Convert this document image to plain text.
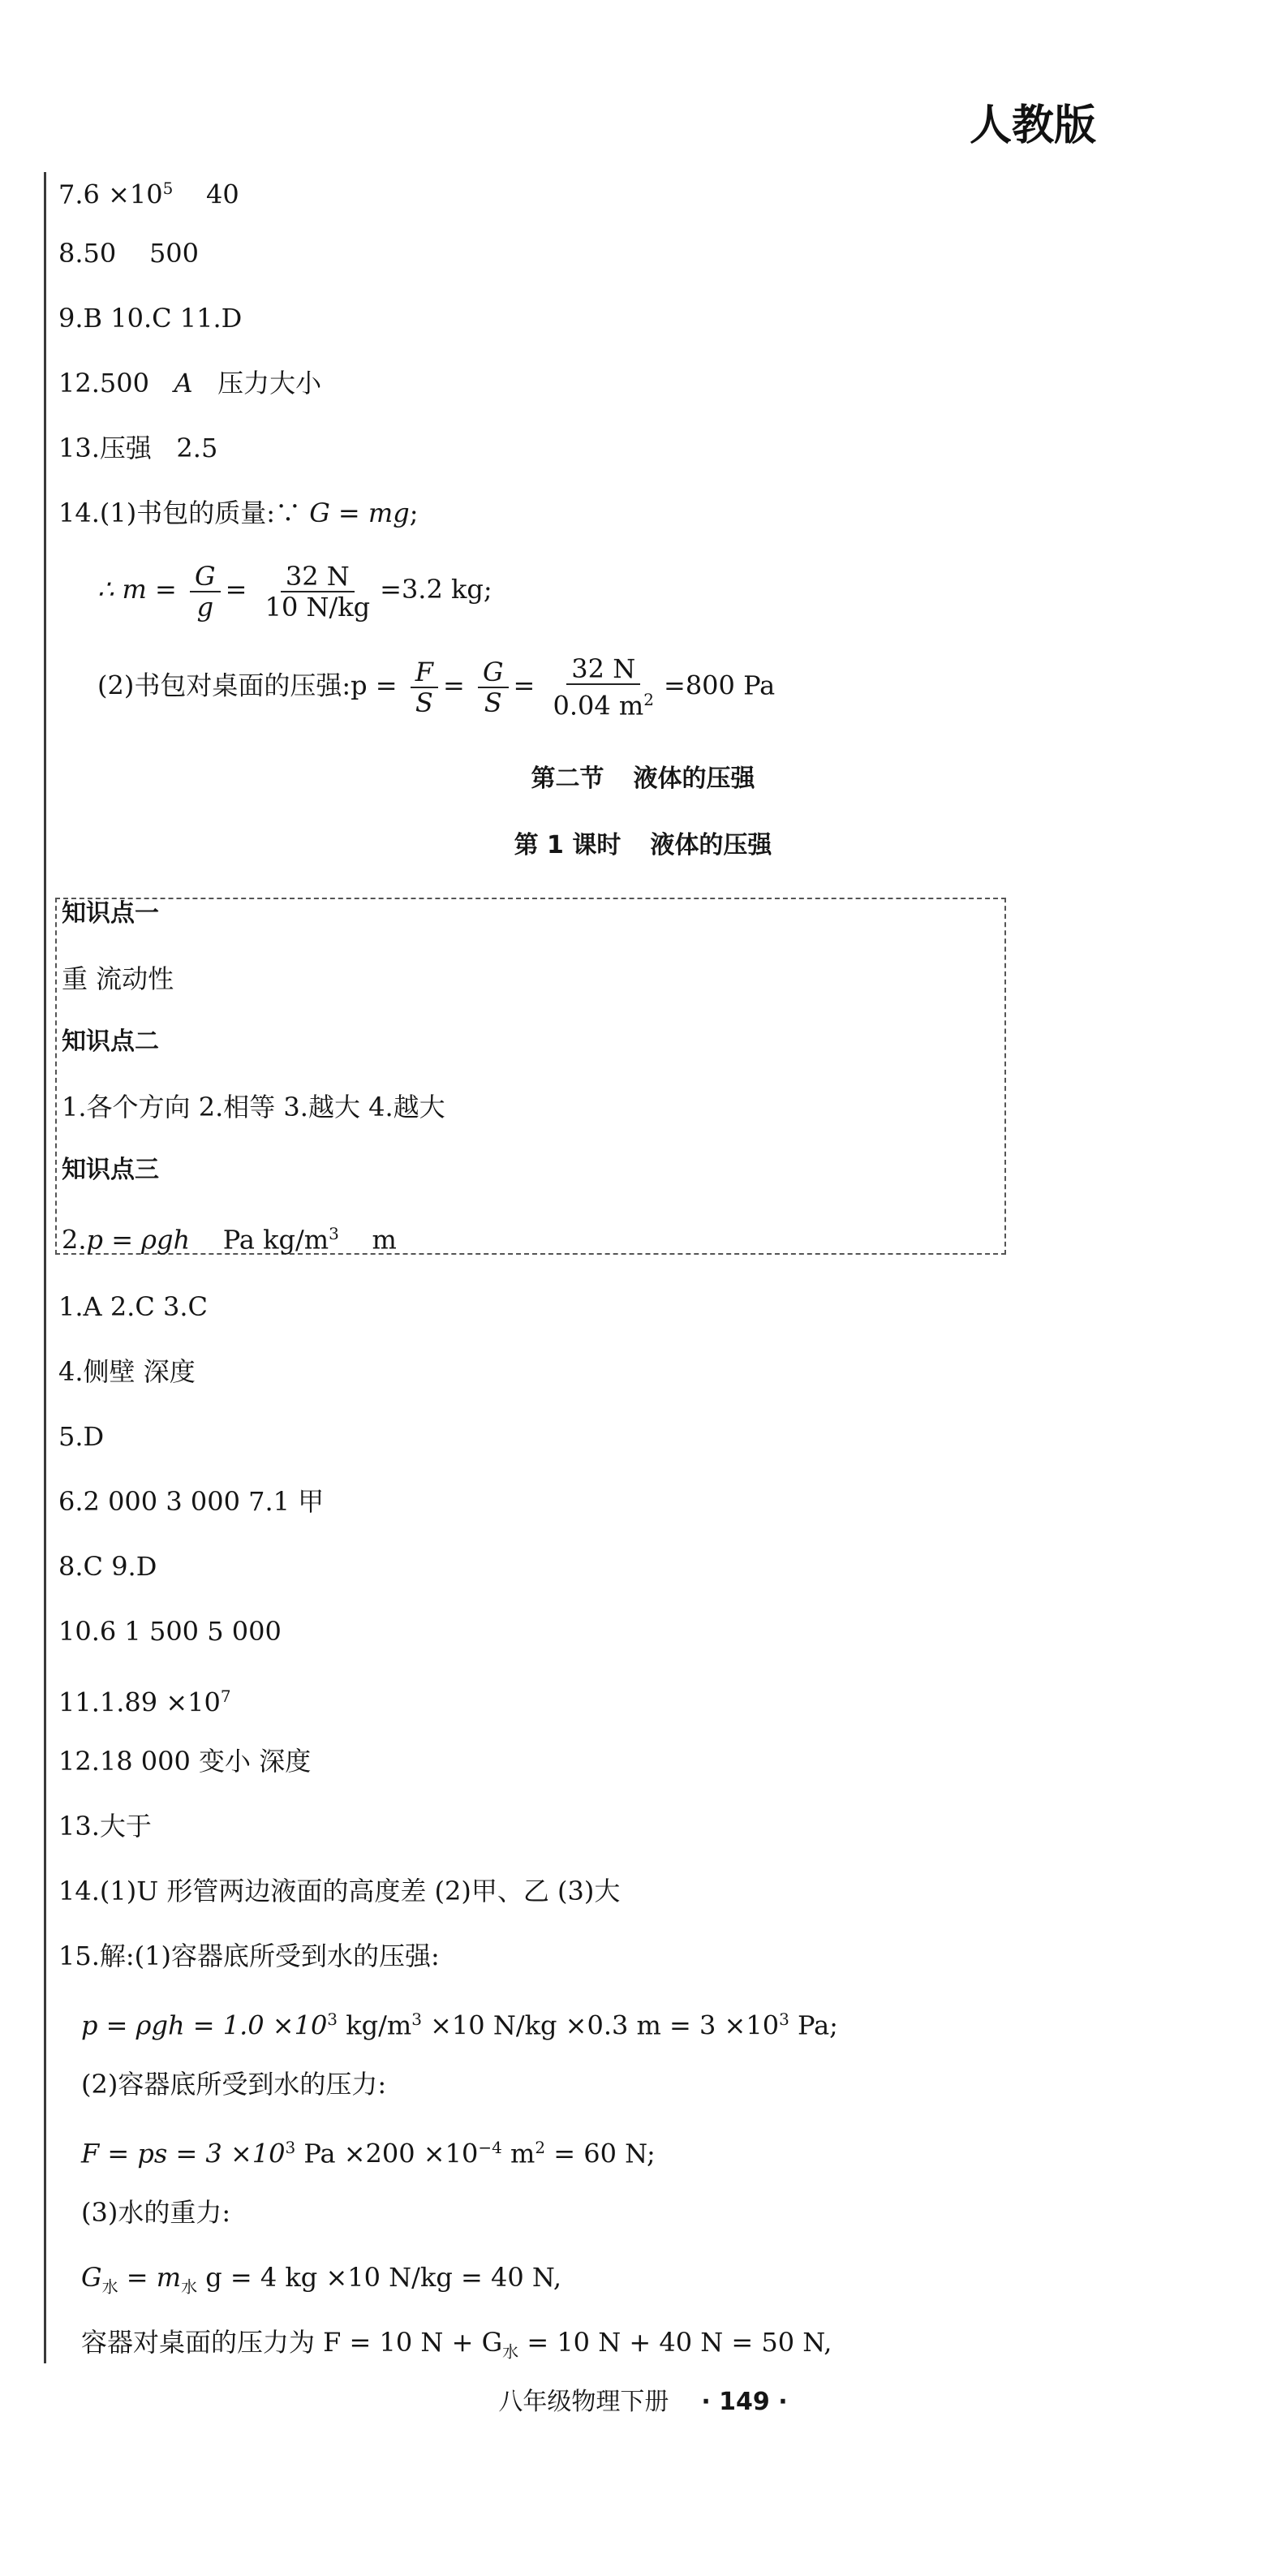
人教版
$7.6 \times 10^5$ 40
8.50 500
9.B 10.C 11.D
12.500 A 压力大小
13.压强 2.5
14.(1)书包的质量:∵ G = mg;
∴ $m = \frac{G}{g} = \frac{32 N}{10 N/kg} =3.2$ kg;
(2)书包对桌面的压强:p = $\frac{F}{S} = \frac{G}{S} = \frac{32 N}{0.04 m^2} =800$ Pa
第二节 液体的压强
第 1 课时 液体的压强
知识点一
重 流动性
知识点二
1.各个方向 2.相等 3.越大 4.越大
知识点三
2.p = ρgh Pa $kg/m^3$ m
1.A 2.C 3.C
4.侧壁 深度
5.D
6.2 000 3 000 7.1 甲
8.C 9.D
10.6 1 500 5 000
$11.1.89 \times 10^7$
12.18 000 变小 深度
13.大于
14.(1)U 形管两边液面的高度差 (2)甲、乙 (3)大
15.解:(1)容器底所受到水的压强:
$p = \rho gh = 1.0 \times 10^3$ $kg/m^3 \times 10$ N/kg ×0.3 $m = 3 \times 10^3$ Pa;
(2)容器底所受到水的压力:
F = ps = $3 \times 10^3$ $Pa \times 200 \times 10^{-4}$ $m^2 = 60$ N;
(3)水的重力:
$G_水 = m_水$ g = 4 kg ×10 N/kg = 40 N,
容器对桌面的压力为 F = 10 $N + G_水 = 10$ N + 40 N = 50 N,
八年级物理下册 · 149 ·
